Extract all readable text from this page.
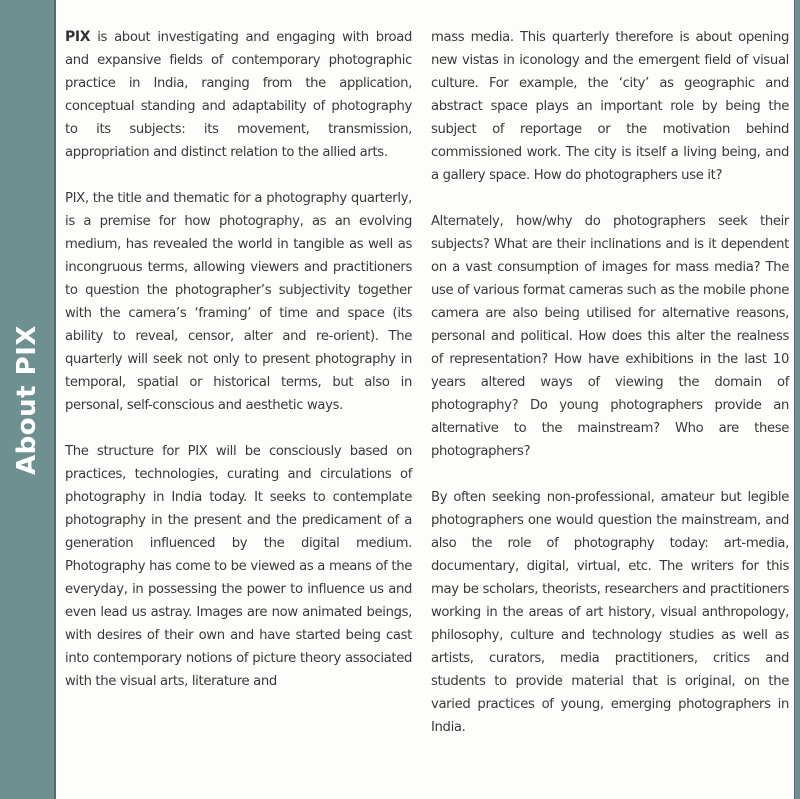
About PIX

PIX is about investigating and engaging with broad and expansive fields of contemporary photographic practice in India, ranging from the application, conceptual standing and adaptability of photography to its subjects: its movement, transmission, appropriation and distinct relation to the allied arts.

PIX, the title and thematic for a photography quarterly, is a premise for how photography, as an evolving medium, has revealed the world in tangible as well as incongruous terms, allowing viewers and practitioners to question the photographer’s subjectivity together with the camera’s ‘framing’ of time and space (its ability to reveal, censor, alter and re-orient). The quarterly will seek not only to present photography in temporal, spatial or historical terms, but also in personal, self-conscious and aesthetic ways.

The structure for PIX will be consciously based on practices, technologies, curating and circulations of photography in India today. It seeks to contemplate photography in the present and the predicament of a generation influenced by the digital medium. Photography has come to be viewed as a means of the everyday, in possessing the power to influence us and even lead us astray. Images are now animated beings, with desires of their own and have started being cast into contemporary notions of picture theory associated with the visual arts, literature and

mass media. This quarterly therefore is about opening new vistas in iconology and the emergent field of visual culture. For example, the ‘city’ as geographic and abstract space plays an important role by being the subject of reportage or the motivation behind commissioned work. The city is itself a living being, and a gallery space. How do photographers use it?

Alternately, how/why do photographers seek their subjects? What are their inclinations and is it dependent on a vast consumption of images for mass media? The use of various format cameras such as the mobile phone camera are also being utilised for alternative reasons, personal and political. How does this alter the realness of representation? How have exhibitions in the last 10 years altered ways of viewing the domain of photography? Do young photographers provide an alternative to the mainstream? Who are these photographers?

By often seeking non-professional, amateur but legible photographers one would question the mainstream, and also the role of photography today: art-media, documentary, digital, virtual, etc. The writers for this may be scholars, theorists, researchers and practitioners working in the areas of art history, visual anthropology, philosophy, culture and technology studies as well as artists, curators, media practitioners, critics and students to provide material that is original, on the varied practices of young, emerging photographers in India.
